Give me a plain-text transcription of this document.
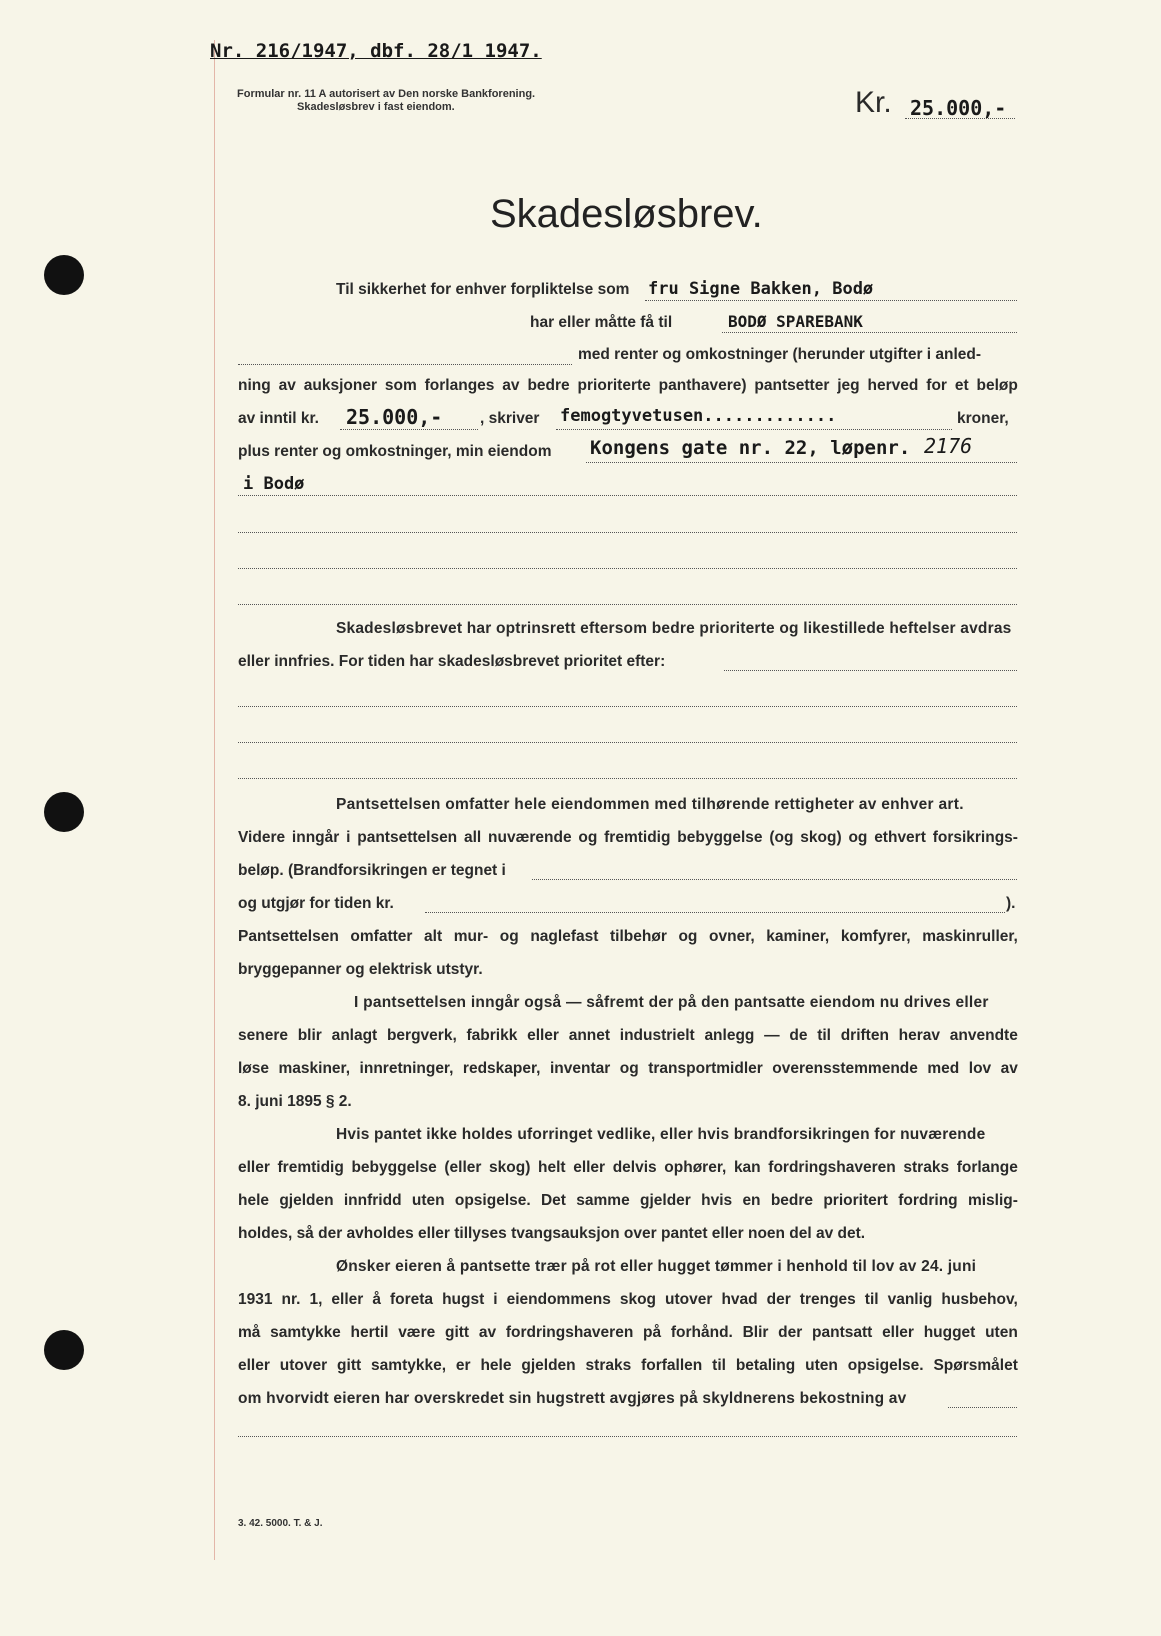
Nr. 216/1947, dbf. 28/1 1947.
Formular nr. 11 A autorisert av Den norske Bankforening.
Skadesløsbrev i fast eiendom.	Kr. 25.000,-
Skadesløsbrev.
Til sikkerhet for enhver forpliktelse som fru Signe Bakken, Bodø
har eller måtte få til	BODØ SPAREBANK
med renter og omkostninger (herunder utgifter i anled-
ning av auksjoner som forlanges av bedre prioriterte panthavere) pantsetter jeg herved for et beløp
av inntil kr. 25.000,- , skriver femogtyvetusen.............	kroner,
plus renter og omkostninger, min eiendom Kongens gate nr. 22, løpenr. 2176
i Bodø
Skadesløsbrevet har optrinsrett eftersom bedre prioriterte og likestillede heftelser avdras
eller innfries. For tiden har skadesløsbrevet prioritet efter:
Pantsettelsen omfatter hele eiendommen med tilhørende rettigheter av enhver art.
Videre inngår i pantsettelsen all nuværende og fremtidig bebyggelse (og skog) og ethvert forsikrings-
beløp. (Brandforsikringen er tegnet i
og utgjør for tiden kr.	).
Pantsettelsen omfatter alt mur- og naglefast tilbehør og ovner, kaminer, komfyrer, maskinruller,
bryggepanner og elektrisk utstyr.
I pantsettelsen inngår også — såfremt der på den pantsatte eiendom nu drives eller
senere blir anlagt bergverk, fabrikk eller annet industrielt anlegg — de til driften herav anvendte
løse maskiner, innretninger, redskaper, inventar og transportmidler overensstemmende med lov av
8. juni 1895 § 2.
Hvis pantet ikke holdes uforringet vedlike, eller hvis brandforsikringen for nuværende
eller fremtidig bebyggelse (eller skog) helt eller delvis ophører, kan fordringshaveren straks forlange
hele gjelden innfridd uten opsigelse. Det samme gjelder hvis en bedre prioritert fordring mislig-
holdes, så der avholdes eller tillyses tvangsauksjon over pantet eller noen del av det.
Ønsker eieren å pantsette trær på rot eller hugget tømmer i henhold til lov av 24. juni
1931 nr. 1, eller å foreta hugst i eiendommens skog utover hvad der trenges til vanlig husbehov,
må samtykke hertil være gitt av fordringshaveren på forhånd. Blir der pantsatt eller hugget uten
eller utover gitt samtykke, er hele gjelden straks forfallen til betaling uten opsigelse. Spørsmålet
om hvorvidt eieren har overskredet sin hugstrett avgjøres på skyldnerens bekostning av
3. 42. 5000. T. & J.
